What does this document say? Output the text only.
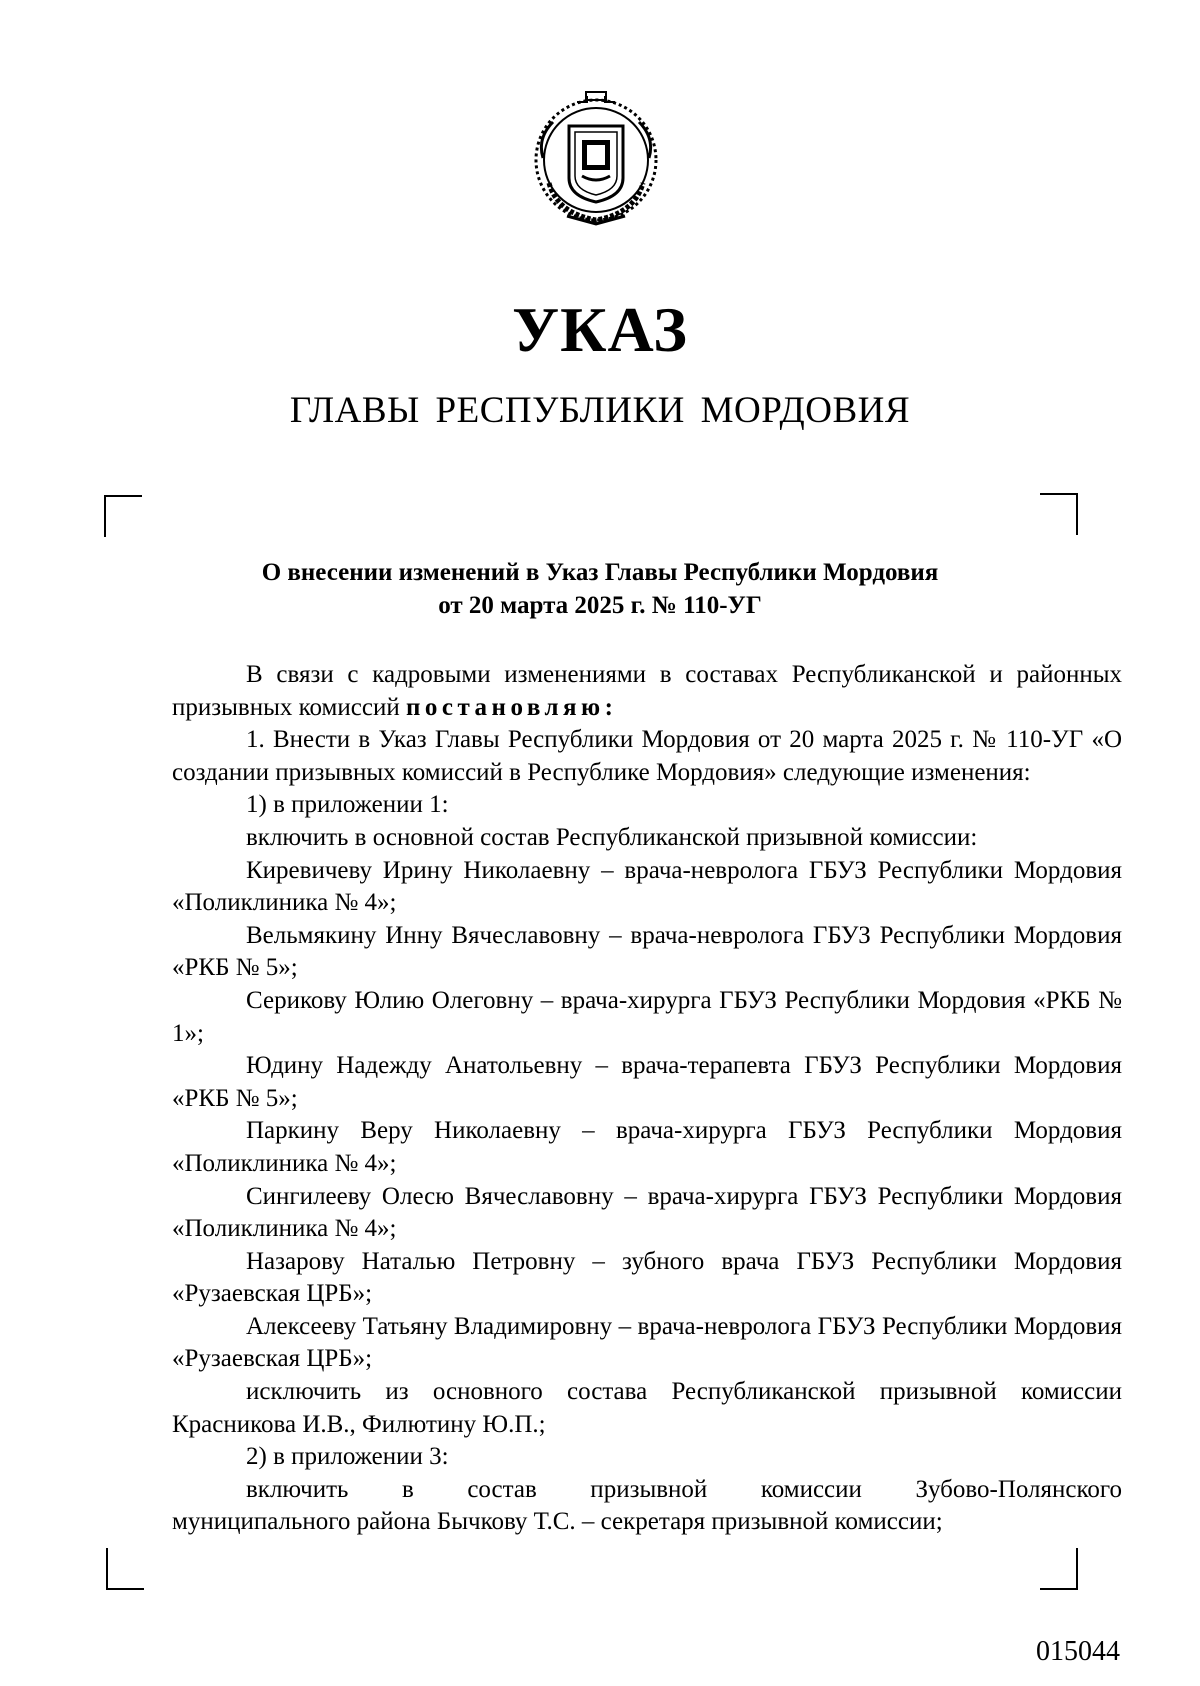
УКАЗ
ГЛАВЫ РЕСПУБЛИКИ МОРДОВИЯ
О внесении изменений в Указ Главы Республики Мордовия
от 20 марта 2025 г. № 110-УГ

В связи с кадровыми изменениями в составах Республиканской и районных призывных комиссий постановляю:

1. Внести в Указ Главы Республики Мордовия от 20 марта 2025 г. № 110-УГ «О создании призывных комиссий в Республике Мордовия» следующие изменения:

1) в приложении 1:

включить в основной состав Республиканской призывной комиссии:

Киревичеву Ирину Николаевну – врача-невролога ГБУЗ Республики Мордовия «Поликлиника № 4»;

Вельмякину Инну Вячеславовну – врача-невролога ГБУЗ Республики Мордовия «РКБ № 5»;

Серикову Юлию Олеговну – врача-хирурга ГБУЗ Республики Мордовия «РКБ № 1»;

Юдину Надежду Анатольевну – врача-терапевта ГБУЗ Республики Мордовия «РКБ № 5»;

Паркину Веру Николаевну – врача-хирурга ГБУЗ Республики Мордовия «Поликлиника № 4»;

Сингилееву Олесю Вячеславовну – врача-хирурга ГБУЗ Республики Мордовия «Поликлиника № 4»;

Назарову Наталью Петровну – зубного врача ГБУЗ Республики Мордовия «Рузаевская ЦРБ»;

Алексееву Татьяну Владимировну – врача-невролога ГБУЗ Республики Мордовия «Рузаевская ЦРБ»;

исключить из основного состава Республиканской призывной комиссии Красникова И.В., Филютину Ю.П.;

2) в приложении 3:

включить в состав призывной комиссии Зубово-Полянского

муниципального района Бычкову Т.С. – секретаря призывной комиссии;

015044
